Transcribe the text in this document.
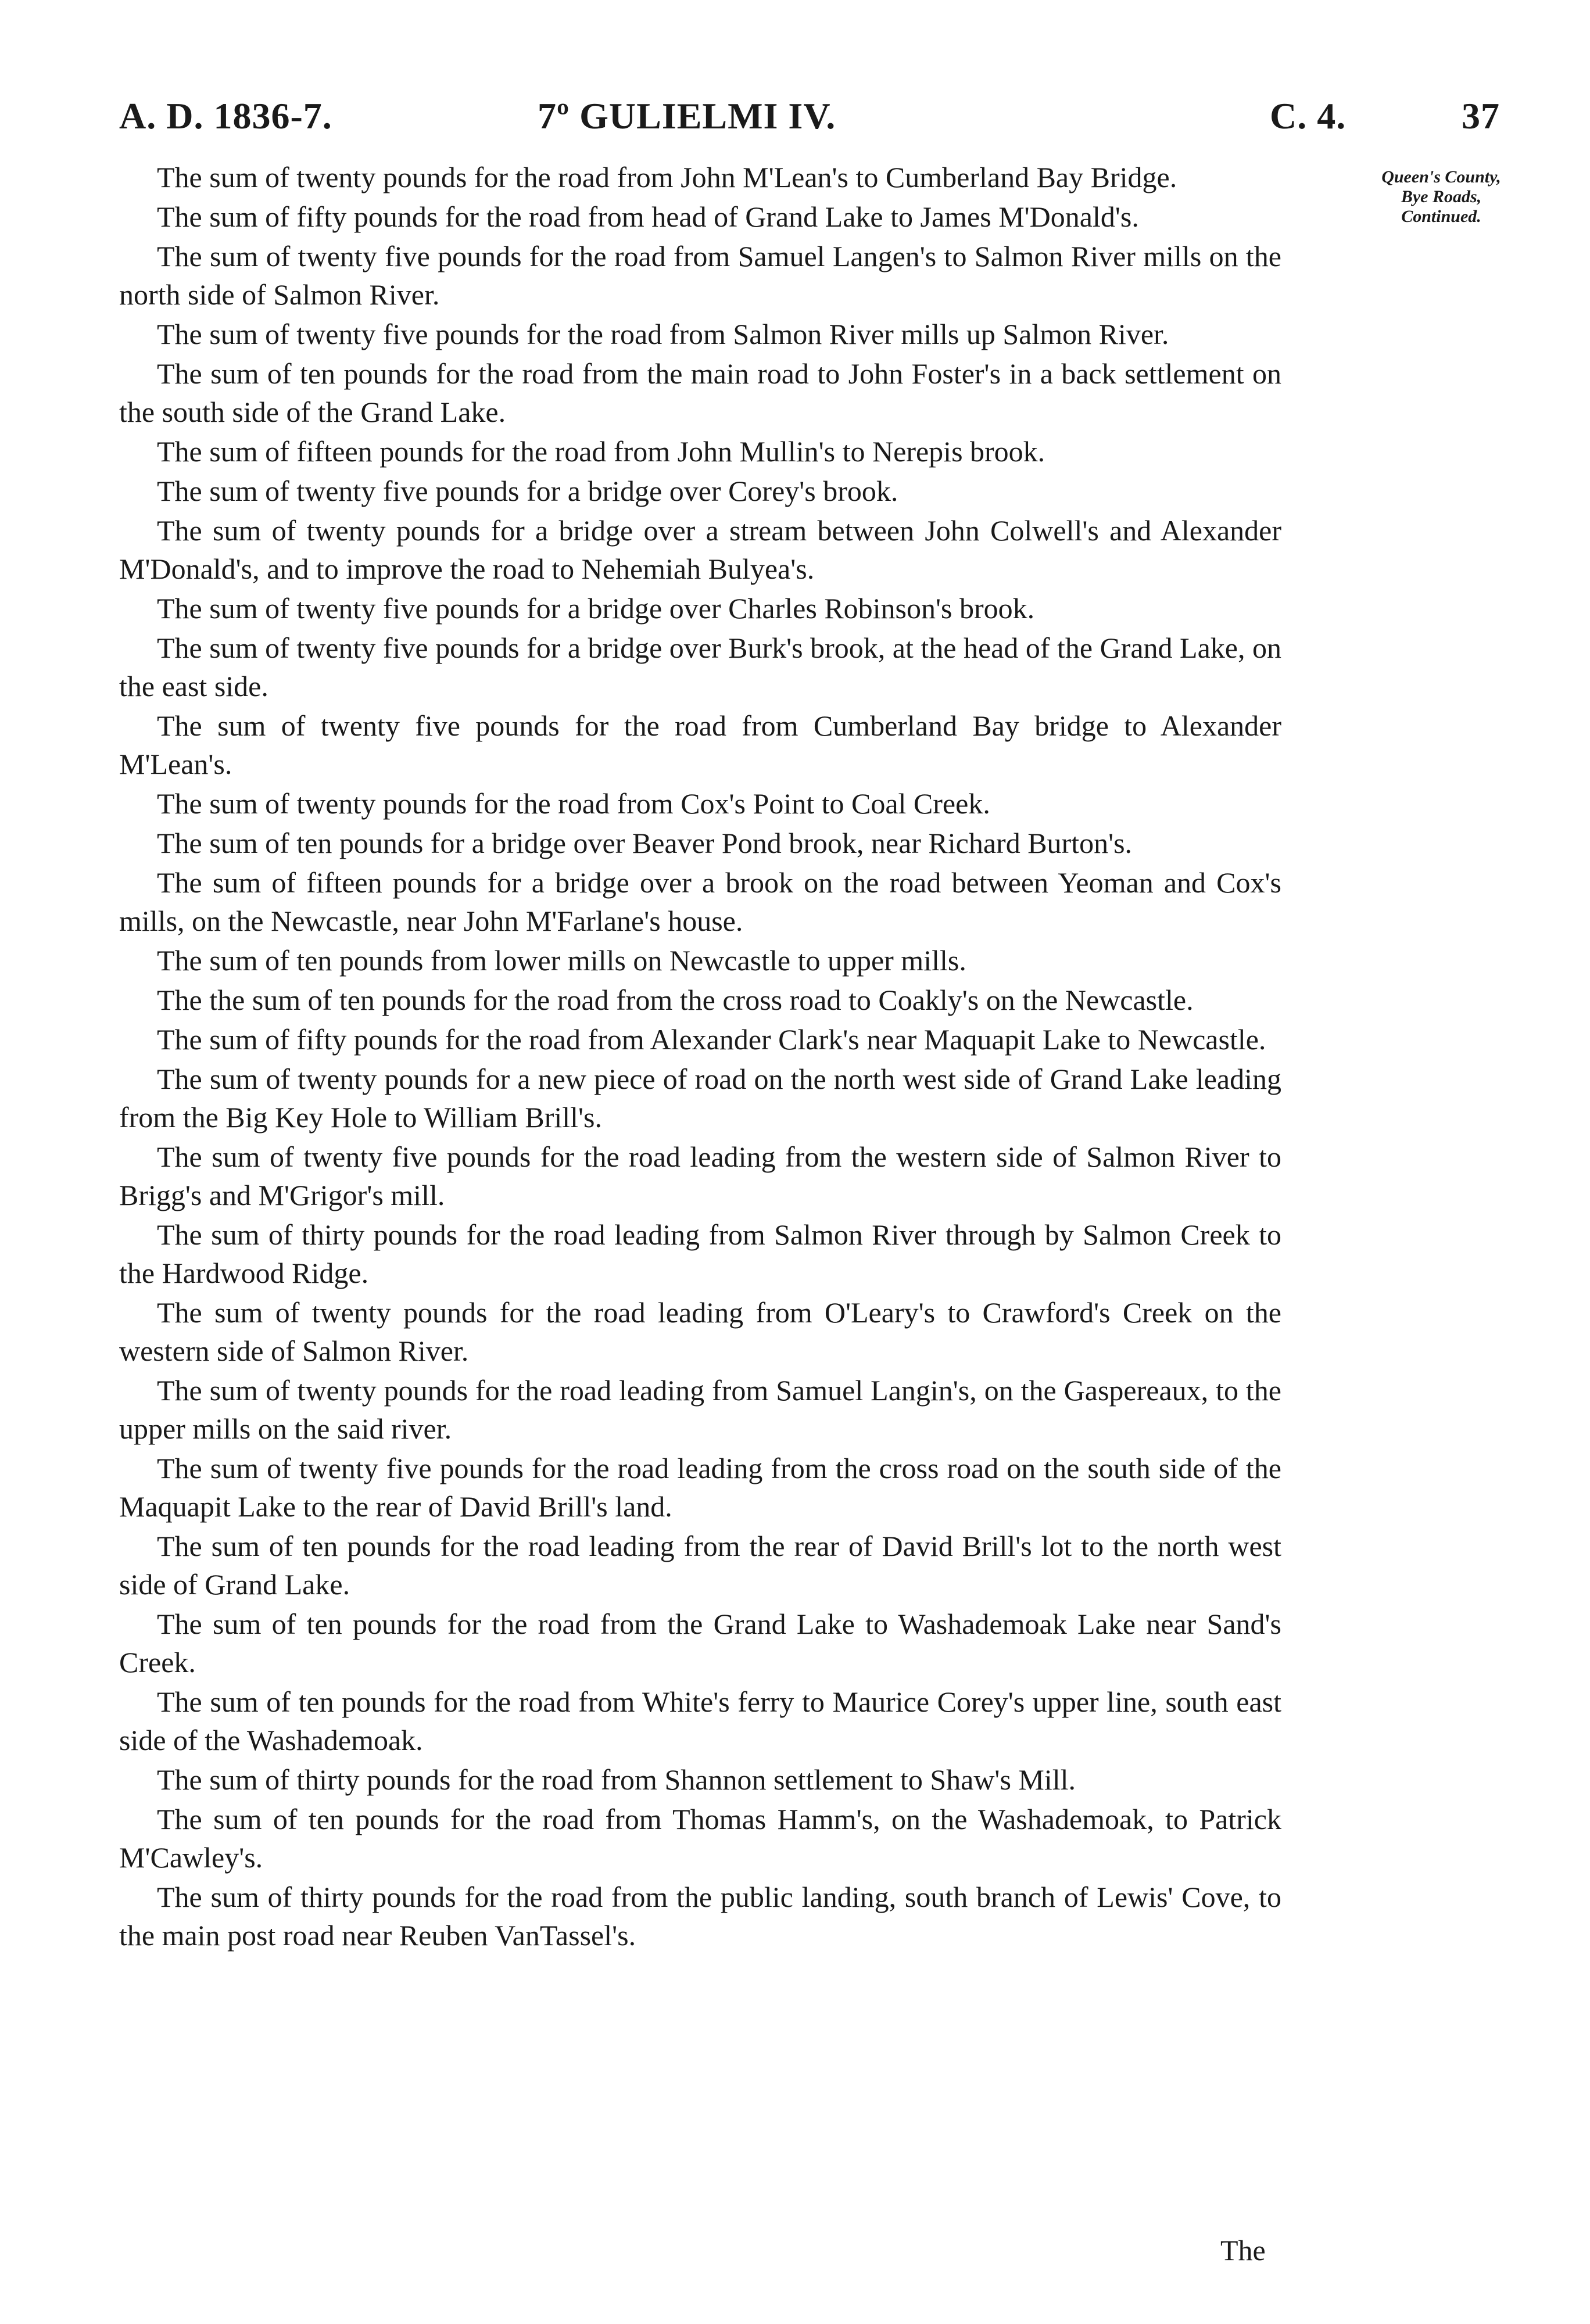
A. D. 1836-7.	7º GULIELMI IV.	C. 4.	37
Queen's County,
Bye Roads,
Continued.

The sum of twenty pounds for the road from John M'Lean's to Cumberland Bay Bridge.

The sum of fifty pounds for the road from head of Grand Lake to James M'Donald's.

The sum of twenty five pounds for the road from Samuel Langen's to Salmon River mills on the north side of Salmon River.

The sum of twenty five pounds for the road from Salmon River mills up Salmon River.

The sum of ten pounds for the road from the main road to John Foster's in a back settlement on the south side of the Grand Lake.

The sum of fifteen pounds for the road from John Mullin's to Nerepis brook.

The sum of twenty five pounds for a bridge over Corey's brook.

The sum of twenty pounds for a bridge over a stream between John Colwell's and Alexander M'Donald's, and to improve the road to Nehemiah Bulyea's.

The sum of twenty five pounds for a bridge over Charles Robinson's brook.

The sum of twenty five pounds for a bridge over Burk's brook, at the head of the Grand Lake, on the east side.

The sum of twenty five pounds for the road from Cumberland Bay bridge to Alexander M'Lean's.

The sum of twenty pounds for the road from Cox's Point to Coal Creek.

The sum of ten pounds for a bridge over Beaver Pond brook, near Richard Burton's.

The sum of fifteen pounds for a bridge over a brook on the road between Yeoman and Cox's mills, on the Newcastle, near John M'Farlane's house.

The sum of ten pounds from lower mills on Newcastle to upper mills.

The the sum of ten pounds for the road from the cross road to Coakly's on the Newcastle.

The sum of fifty pounds for the road from Alexander Clark's near Maquapit Lake to Newcastle.

The sum of twenty pounds for a new piece of road on the north west side of Grand Lake leading from the Big Key Hole to William Brill's.

The sum of twenty five pounds for the road leading from the western side of Salmon River to Brigg's and M'Grigor's mill.

The sum of thirty pounds for the road leading from Salmon River through by Salmon Creek to the Hardwood Ridge.

The sum of twenty pounds for the road leading from O'Leary's to Crawford's Creek on the western side of Salmon River.

The sum of twenty pounds for the road leading from Samuel Langin's, on the Gaspereaux, to the upper mills on the said river.

The sum of twenty five pounds for the road leading from the cross road on the south side of the Maquapit Lake to the rear of David Brill's land.

The sum of ten pounds for the road leading from the rear of David Brill's lot to the north west side of Grand Lake.

The sum of ten pounds for the road from the Grand Lake to Washademoak Lake near Sand's Creek.

The sum of ten pounds for the road from White's ferry to Maurice Corey's upper line, south east side of the Washademoak.

The sum of thirty pounds for the road from Shannon settlement to Shaw's Mill.

The sum of ten pounds for the road from Thomas Hamm's, on the Washademoak, to Patrick M'Cawley's.

The sum of thirty pounds for the road from the public landing, south branch of Lewis' Cove, to the main post road near Reuben VanTassel's.

The
